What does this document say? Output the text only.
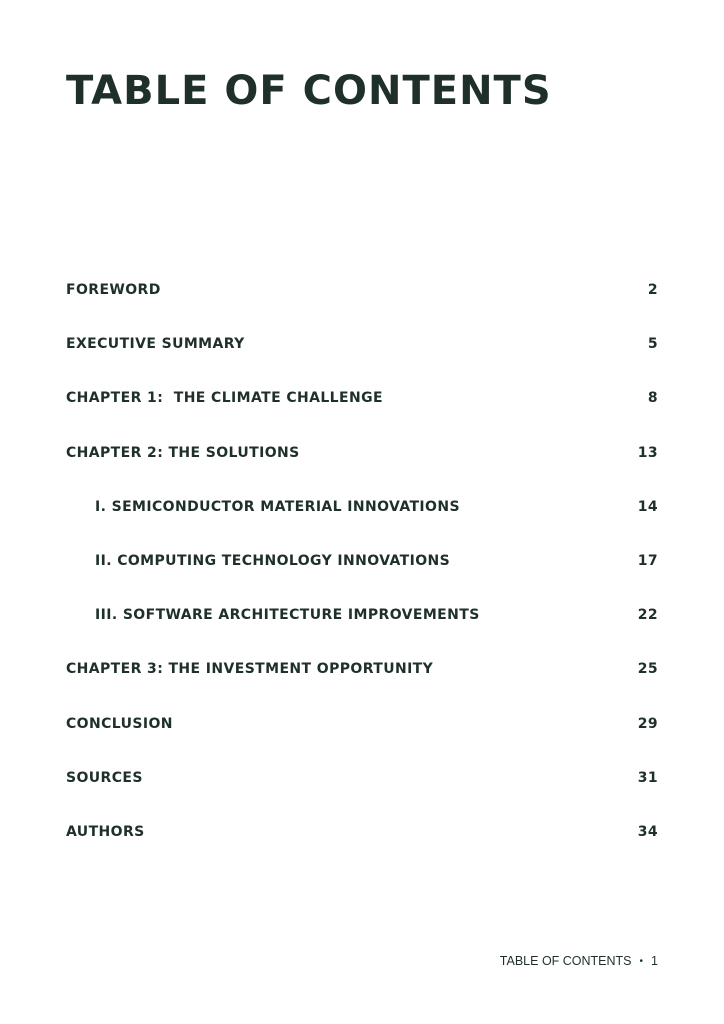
TABLE OF CONTENTS
FOREWORD	2
EXECUTIVE SUMMARY	5
CHAPTER 1:  THE CLIMATE CHALLENGE	8
CHAPTER 2: THE SOLUTIONS	13
I. SEMICONDUCTOR MATERIAL INNOVATIONS	14
II. COMPUTING TECHNOLOGY INNOVATIONS	17
III. SOFTWARE ARCHITECTURE IMPROVEMENTS	22
CHAPTER 3: THE INVESTMENT OPPORTUNITY	25
CONCLUSION	29
SOURCES	31
AUTHORS	34
TABLE OF CONTENTS • 1
